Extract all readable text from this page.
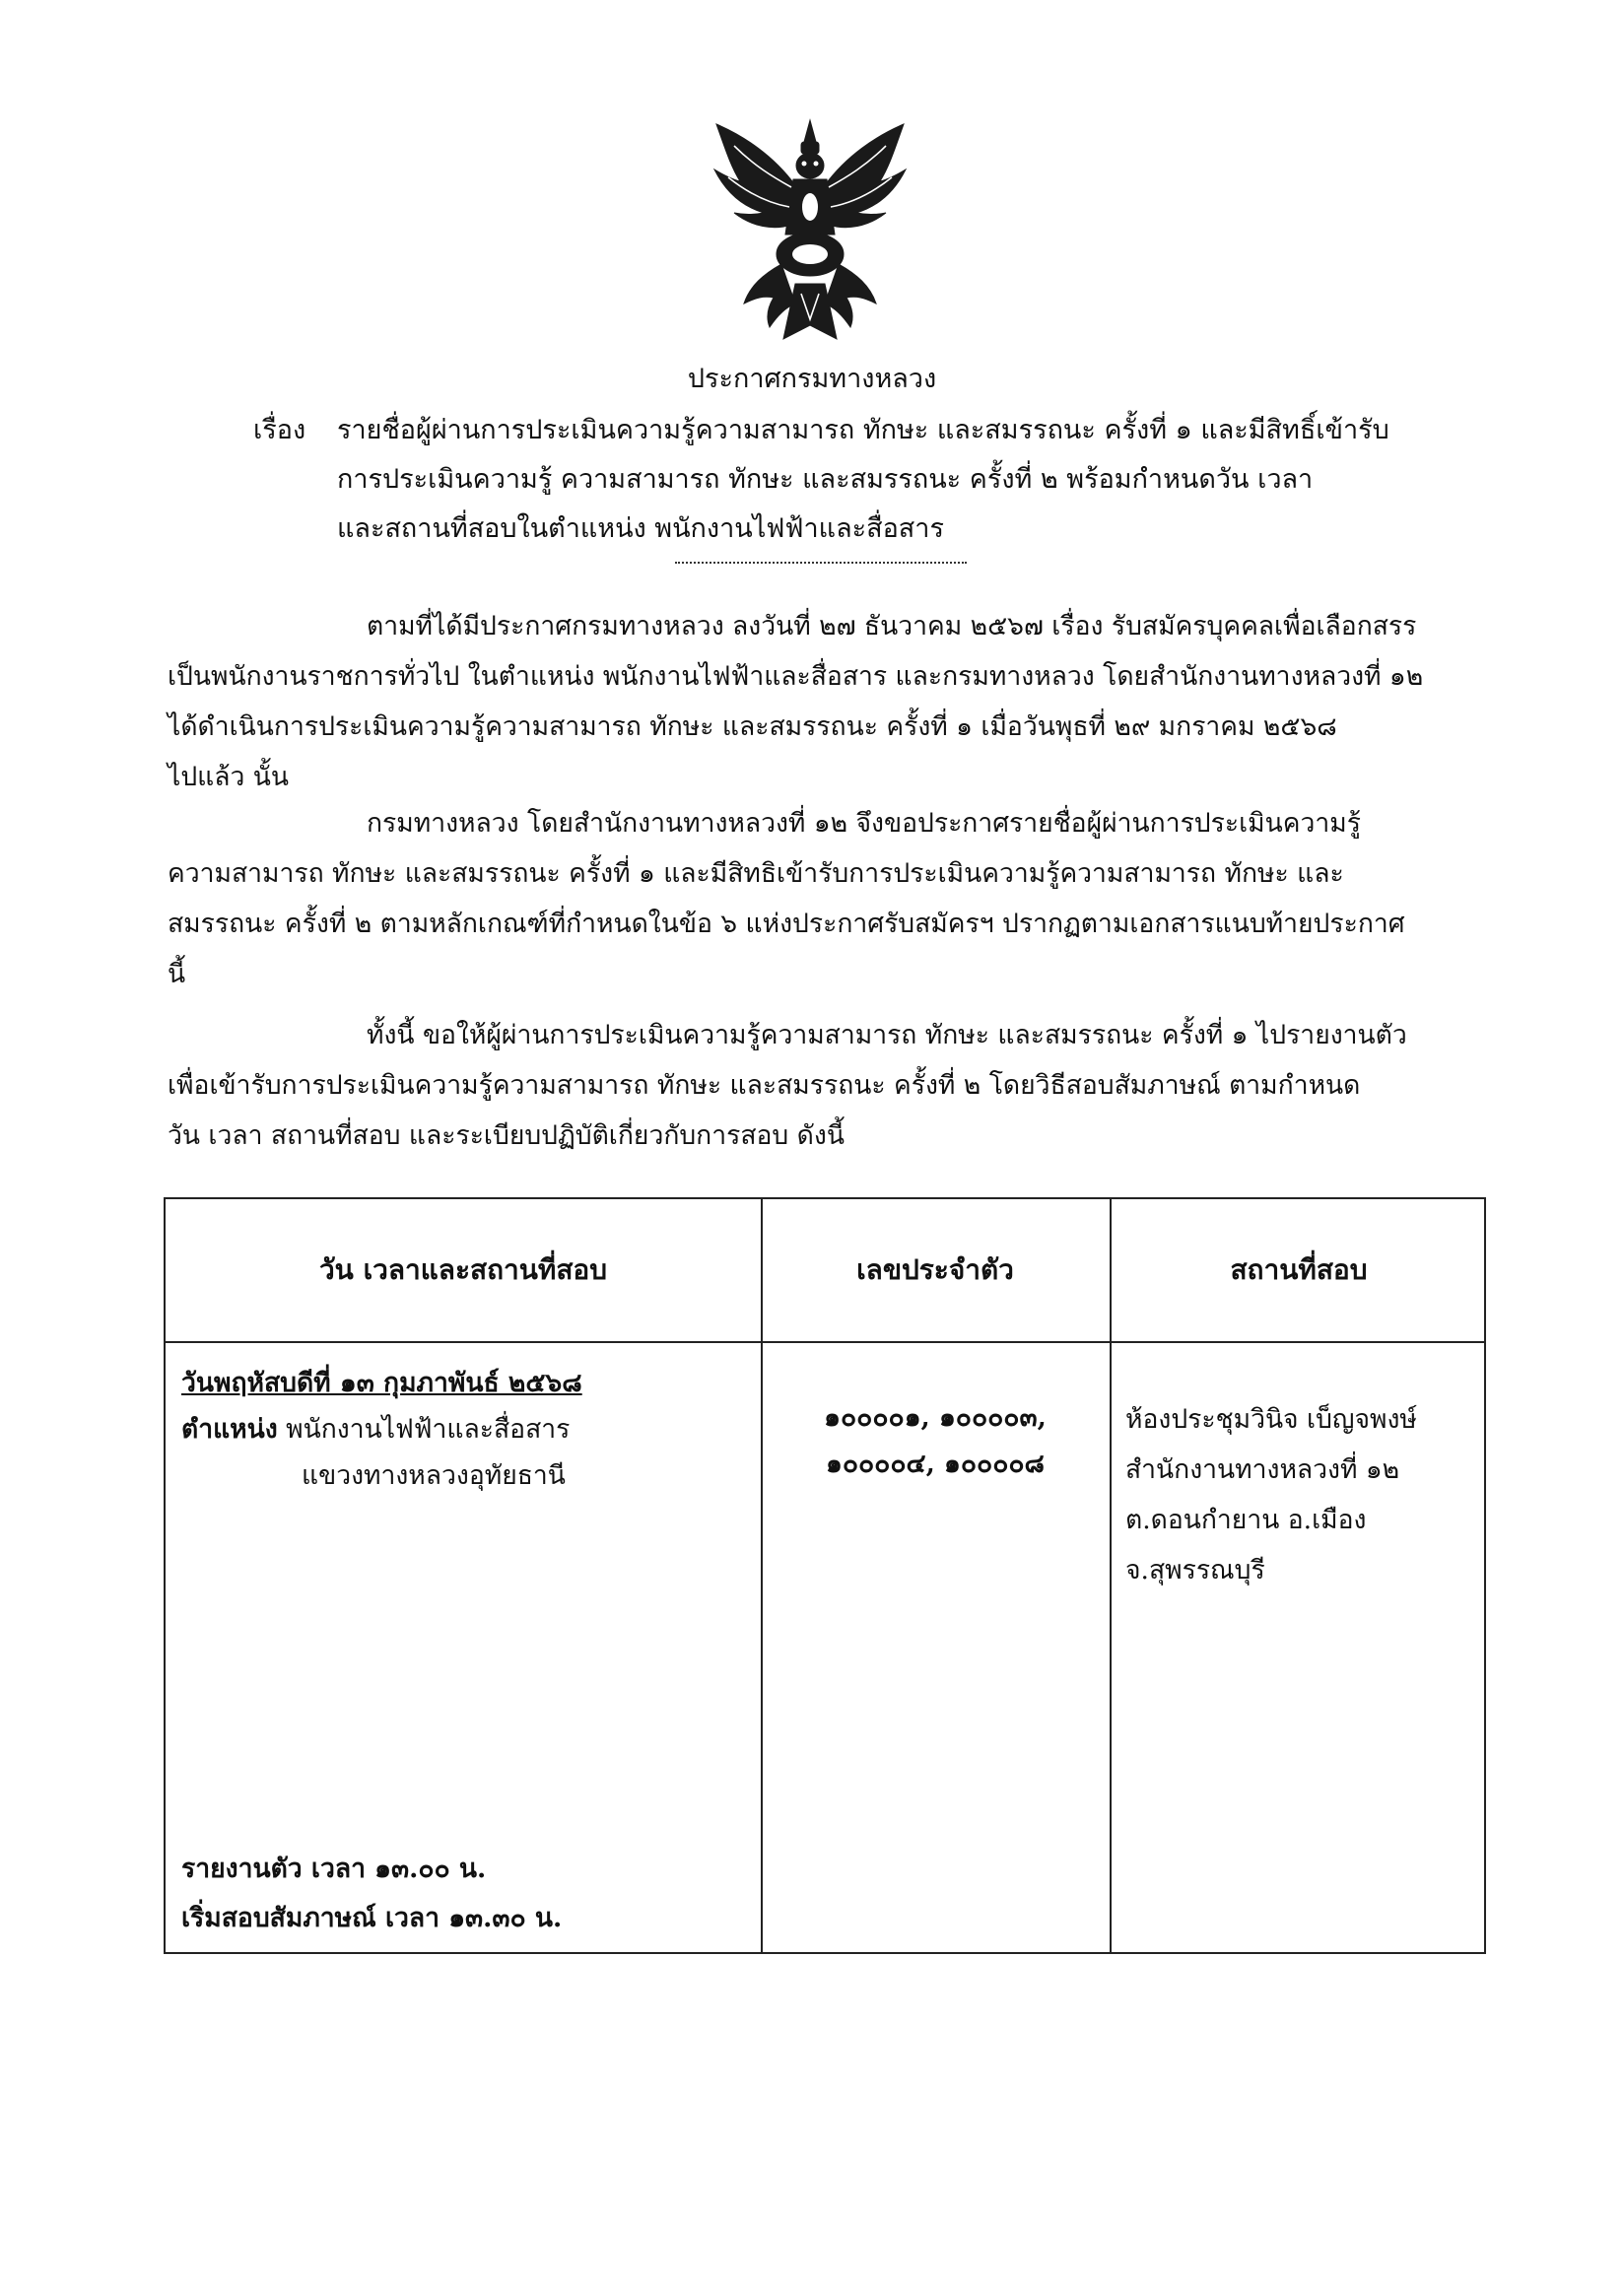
ประกาศกรมทางหลวง
เรื่อง รายชื่อผู้ผ่านการประเมินความรู้ความสามารถ ทักษะ และสมรรถนะ ครั้งที่ ๑ และมีสิทธิ์เข้ารับ
การประเมินความรู้ ความสามารถ ทักษะ และสมรรถนะ ครั้งที่ ๒ พร้อมกำหนดวัน เวลา
และสถานที่สอบในตำแหน่ง พนักงานไฟฟ้าและสื่อสาร
ตามที่ได้มีประกาศกรมทางหลวง ลงวันที่ ๒๗ ธันวาคม ๒๕๖๗ เรื่อง รับสมัครบุคคลเพื่อเลือกสรร
เป็นพนักงานราชการทั่วไป ในตำแหน่ง พนักงานไฟฟ้าและสื่อสาร และกรมทางหลวง โดยสำนักงานทางหลวงที่ ๑๒
ได้ดำเนินการประเมินความรู้ความสามารถ ทักษะ และสมรรถนะ ครั้งที่ ๑ เมื่อวันพุธที่ ๒๙ มกราคม ๒๕๖๘
ไปแล้ว นั้น
กรมทางหลวง โดยสำนักงานทางหลวงที่ ๑๒ จึงขอประกาศรายชื่อผู้ผ่านการประเมินความรู้
ความสามารถ ทักษะ และสมรรถนะ ครั้งที่ ๑ และมีสิทธิเข้ารับการประเมินความรู้ความสามารถ ทักษะ และ
สมรรถนะ ครั้งที่ ๒ ตามหลักเกณฑ์ที่กำหนดในข้อ ๖ แห่งประกาศรับสมัครฯ ปรากฏตามเอกสารแนบท้ายประกาศ
นี้
ทั้งนี้ ขอให้ผู้ผ่านการประเมินความรู้ความสามารถ ทักษะ และสมรรถนะ ครั้งที่ ๑ ไปรายงานตัว
เพื่อเข้ารับการประเมินความรู้ความสามารถ ทักษะ และสมรรถนะ ครั้งที่ ๒ โดยวิธีสอบสัมภาษณ์ ตามกำหนด
วัน เวลา สถานที่สอบ และระเบียบปฏิบัติเกี่ยวกับการสอบ ดังนี้
วัน เวลาและสถานที่สอบ	เลขประจำตัว	สถานที่สอบ
วันพฤหัสบดีที่ ๑๓ กุมภาพันธ์ ๒๕๖๘
ตำแหน่ง พนักงานไฟฟ้าและสื่อสาร
แขวงทางหลวงอุทัยธานี
รายงานตัว เวลา ๑๓.๐๐ น.
เริ่มสอบสัมภาษณ์ เวลา ๑๓.๓๐ น.
๑๐๐๐๐๑, ๑๐๐๐๐๓,
๑๐๐๐๐๔, ๑๐๐๐๐๘
ห้องประชุมวินิจ เบ็ญจพงษ์
สำนักงานทางหลวงที่ ๑๒
ต.ดอนกำยาน อ.เมือง
จ.สุพรรณบุรี
